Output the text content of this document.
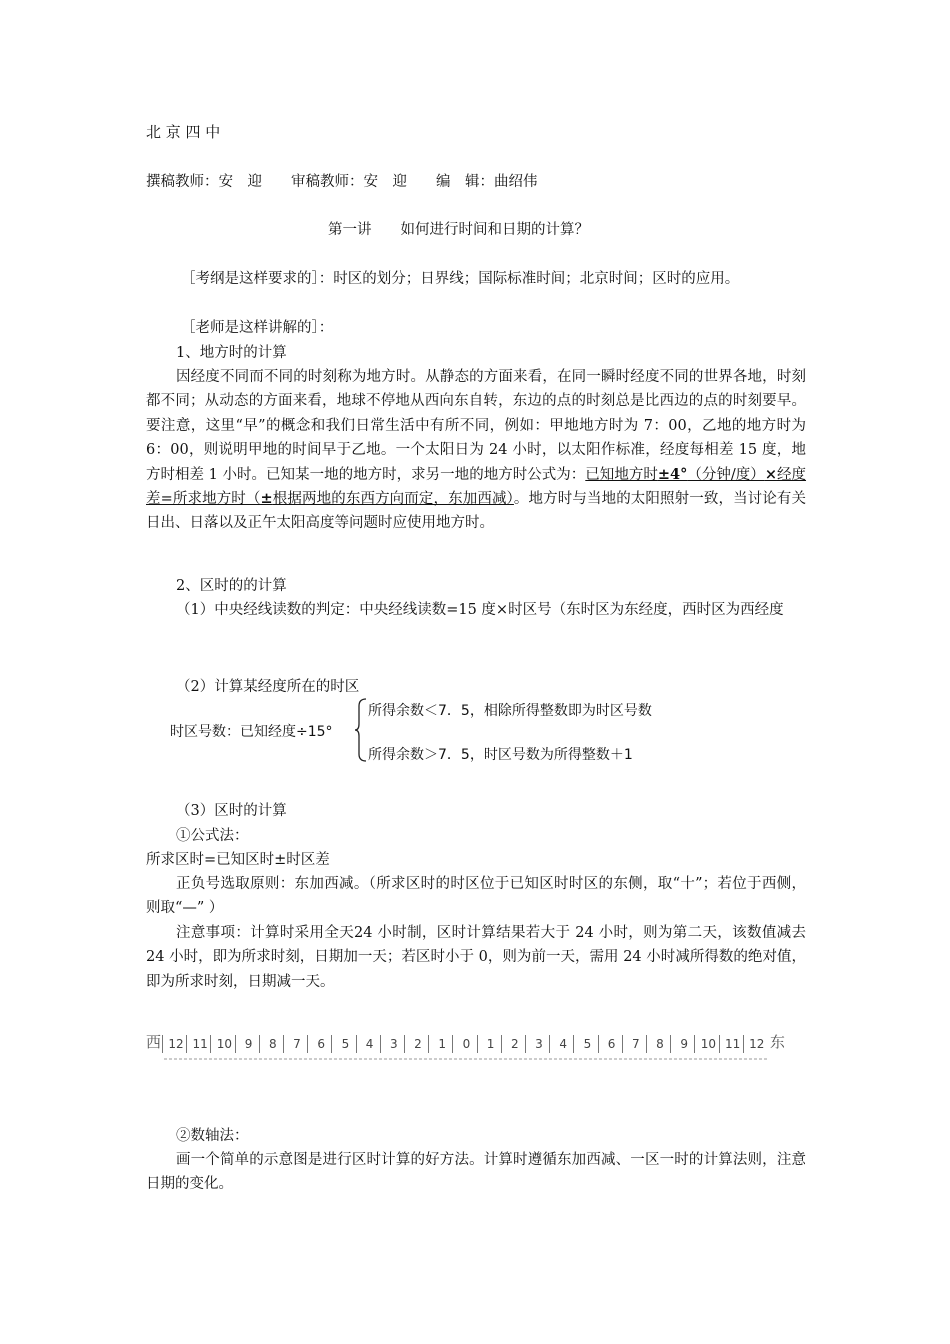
北 京 四 中
撰稿教师：安　迎　　审稿教师：安　迎　　编　辑：曲绍伟
第一讲　　如何进行时间和日期的计算？
［考纲是这样要求的］：时区的划分；日界线；国际标准时间；北京时间；区时的应用。
［老师是这样讲解的］：
1、地方时的计算
因经度不同而不同的时刻称为地方时。从静态的方面来看，在同一瞬时经度不同的世界各地，时刻都不同；从动态的方面来看，地球不停地从西向东自转，东边的点的时刻总是比西边的点的时刻要早。要注意，这里“早”的概念和我们日常生活中有所不同，例如：甲地地方时为 7：00，乙地的地方时为 6：00，则说明甲地的时间早于乙地。一个太阳日为 24 小时，以太阳作标准，经度每相差 15 度，地方时相差 1 小时。已知某一地的地方时，求另一地的地方时公式为：已知地方时±4°（分钟/度）×经度差=所求地方时（±根据两地的东西方向而定，东加西减）。地方时与当地的太阳照射一致，当讨论有关日出、日落以及正午太阳高度等问题时应使用地方时。
2、区时的的计算
（1）中央经线读数的判定：中央经线读数=15 度×时区号（东时区为东经度，西时区为西经度
（2）计算某经度所在的时区
时区号数：已知经度÷15°
所得余数＜7．5，相除所得整数即为时区号数
所得余数＞7．5，时区号数为所得整数＋1
（3）区时的计算
①公式法：
所求区时=已知区时±时区差
正负号选取原则：东加西减。（所求区时的时区位于已知区时时区的东侧，取“十”；若位于西侧，则取“—” ）
注意事项：计算时采用全天24 小时制，区时计算结果若大于 24 小时，则为第二天，该数值减去 24 小时，即为所求时刻，日期加一天；若区时小于 0，则为前一天，需用 24 小时减所得数的绝对值，即为所求时刻，日期减一天。
西	东
12 11 10	9	8	7	6	5	4	3	2	1	0	1	2	3	4	5	6	7	8	9	10 11 12
②数轴法：
画一个简单的示意图是进行区时计算的好方法。计算时遵循东加西减、一区一时的计算法则，注意日期的变化。
